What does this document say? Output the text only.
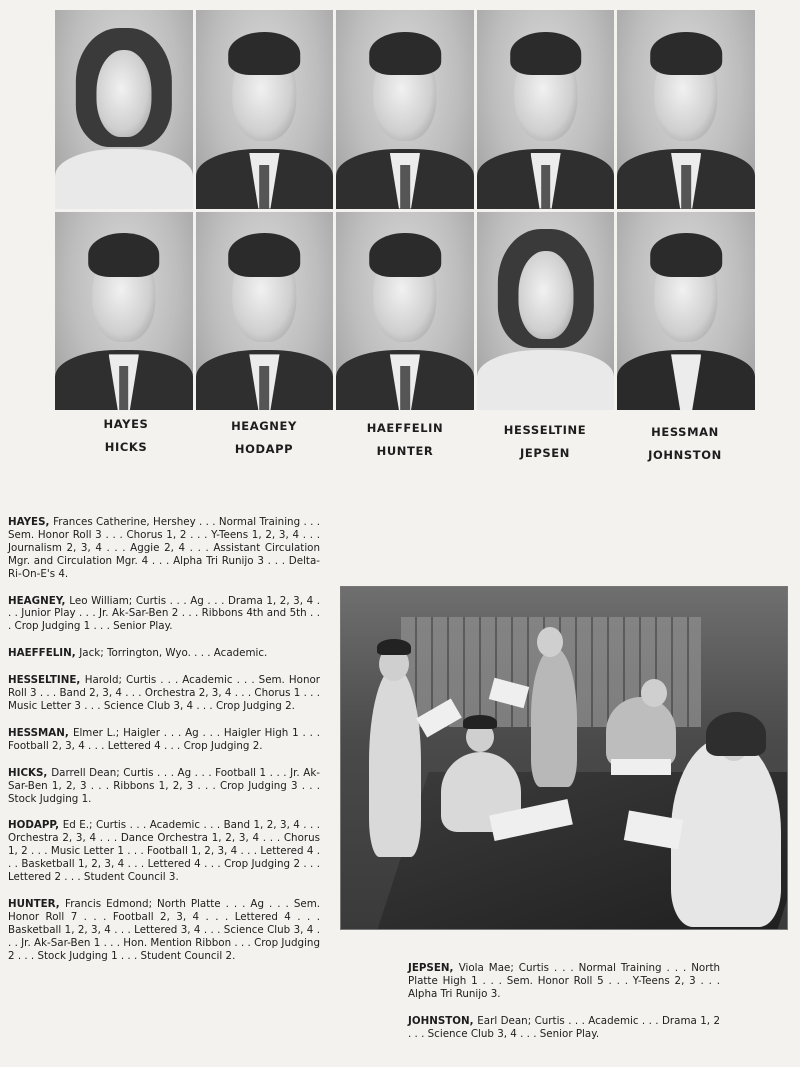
HAYES
HICKS
HEAGNEY
HODAPP
HAEFFELIN
HUNTER
HESSELTINE
JEPSEN
HESSMAN
JOHNSTON

HAYES, Frances Catherine, Hershey . . . Normal Training . . . Sem. Honor Roll 3 . . . Chorus 1, 2 . . . Y-Teens 1, 2, 3, 4 . . . Journalism 2, 3, 4 . . . Aggie 2, 4 . . . Assistant Circulation Mgr. and Circulation Mgr. 4 . . . Alpha Tri Runijo 3 . . . Delta-Ri-On-E's 4.

HEAGNEY, Leo William; Curtis . . . Ag . . . Drama 1, 2, 3, 4 . . . Junior Play . . . Jr. Ak-Sar-Ben 2 . . . Ribbons 4th and 5th . . . Crop Judging 1 . . . Senior Play.

HAEFFELIN, Jack; Torrington, Wyo. . . . Academic.

HESSELTINE, Harold; Curtis . . . Academic . . . Sem. Honor Roll 3 . . . Band 2, 3, 4 . . . Orchestra 2, 3, 4 . . . Chorus 1 . . . Music Letter 3 . . . Science Club 3, 4 . . . Crop Judging 2.

HESSMAN, Elmer L.; Haigler . . . Ag . . . Haigler High 1 . . . Football 2, 3, 4 . . . Lettered 4 . . . Crop Judging 2.

HICKS, Darrell Dean; Curtis . . . Ag . . . Football 1 . . . Jr. Ak-Sar-Ben 1, 2, 3 . . . Ribbons 1, 2, 3 . . . Crop Judging 3 . . . Stock Judging 1.

HODAPP, Ed E.; Curtis . . . Academic . . . Band 1, 2, 3, 4 . . . Orchestra 2, 3, 4 . . . Dance Orchestra 1, 2, 3, 4 . . . Chorus 1, 2 . . . Music Letter 1 . . . Football 1, 2, 3, 4 . . . Lettered 4 . . . Basketball 1, 2, 3, 4 . . . Lettered 4 . . . Crop Judging 2 . . . Lettered 2 . . . Student Council 3.

HUNTER, Francis Edmond; North Platte . . . Ag . . . Sem. Honor Roll 7 . . . Football 2, 3, 4 . . . Lettered 4 . . . Basketball 1, 2, 3, 4 . . . Lettered 3, 4 . . . Science Club 3, 4 . . . Jr. Ak-Sar-Ben 1 . . . Hon. Mention Ribbon . . . Crop Judging 2 . . . Stock Judging 1 . . . Student Council 2.

JEPSEN, Viola Mae; Curtis . . . Normal Training . . . North Platte High 1 . . . Sem. Honor Roll 5 . . . Y-Teens 2, 3 . . . Alpha Tri Runijo 3.

JOHNSTON, Earl Dean; Curtis . . . Academic . . . Drama 1, 2 . . . Science Club 3, 4 . . . Senior Play.
